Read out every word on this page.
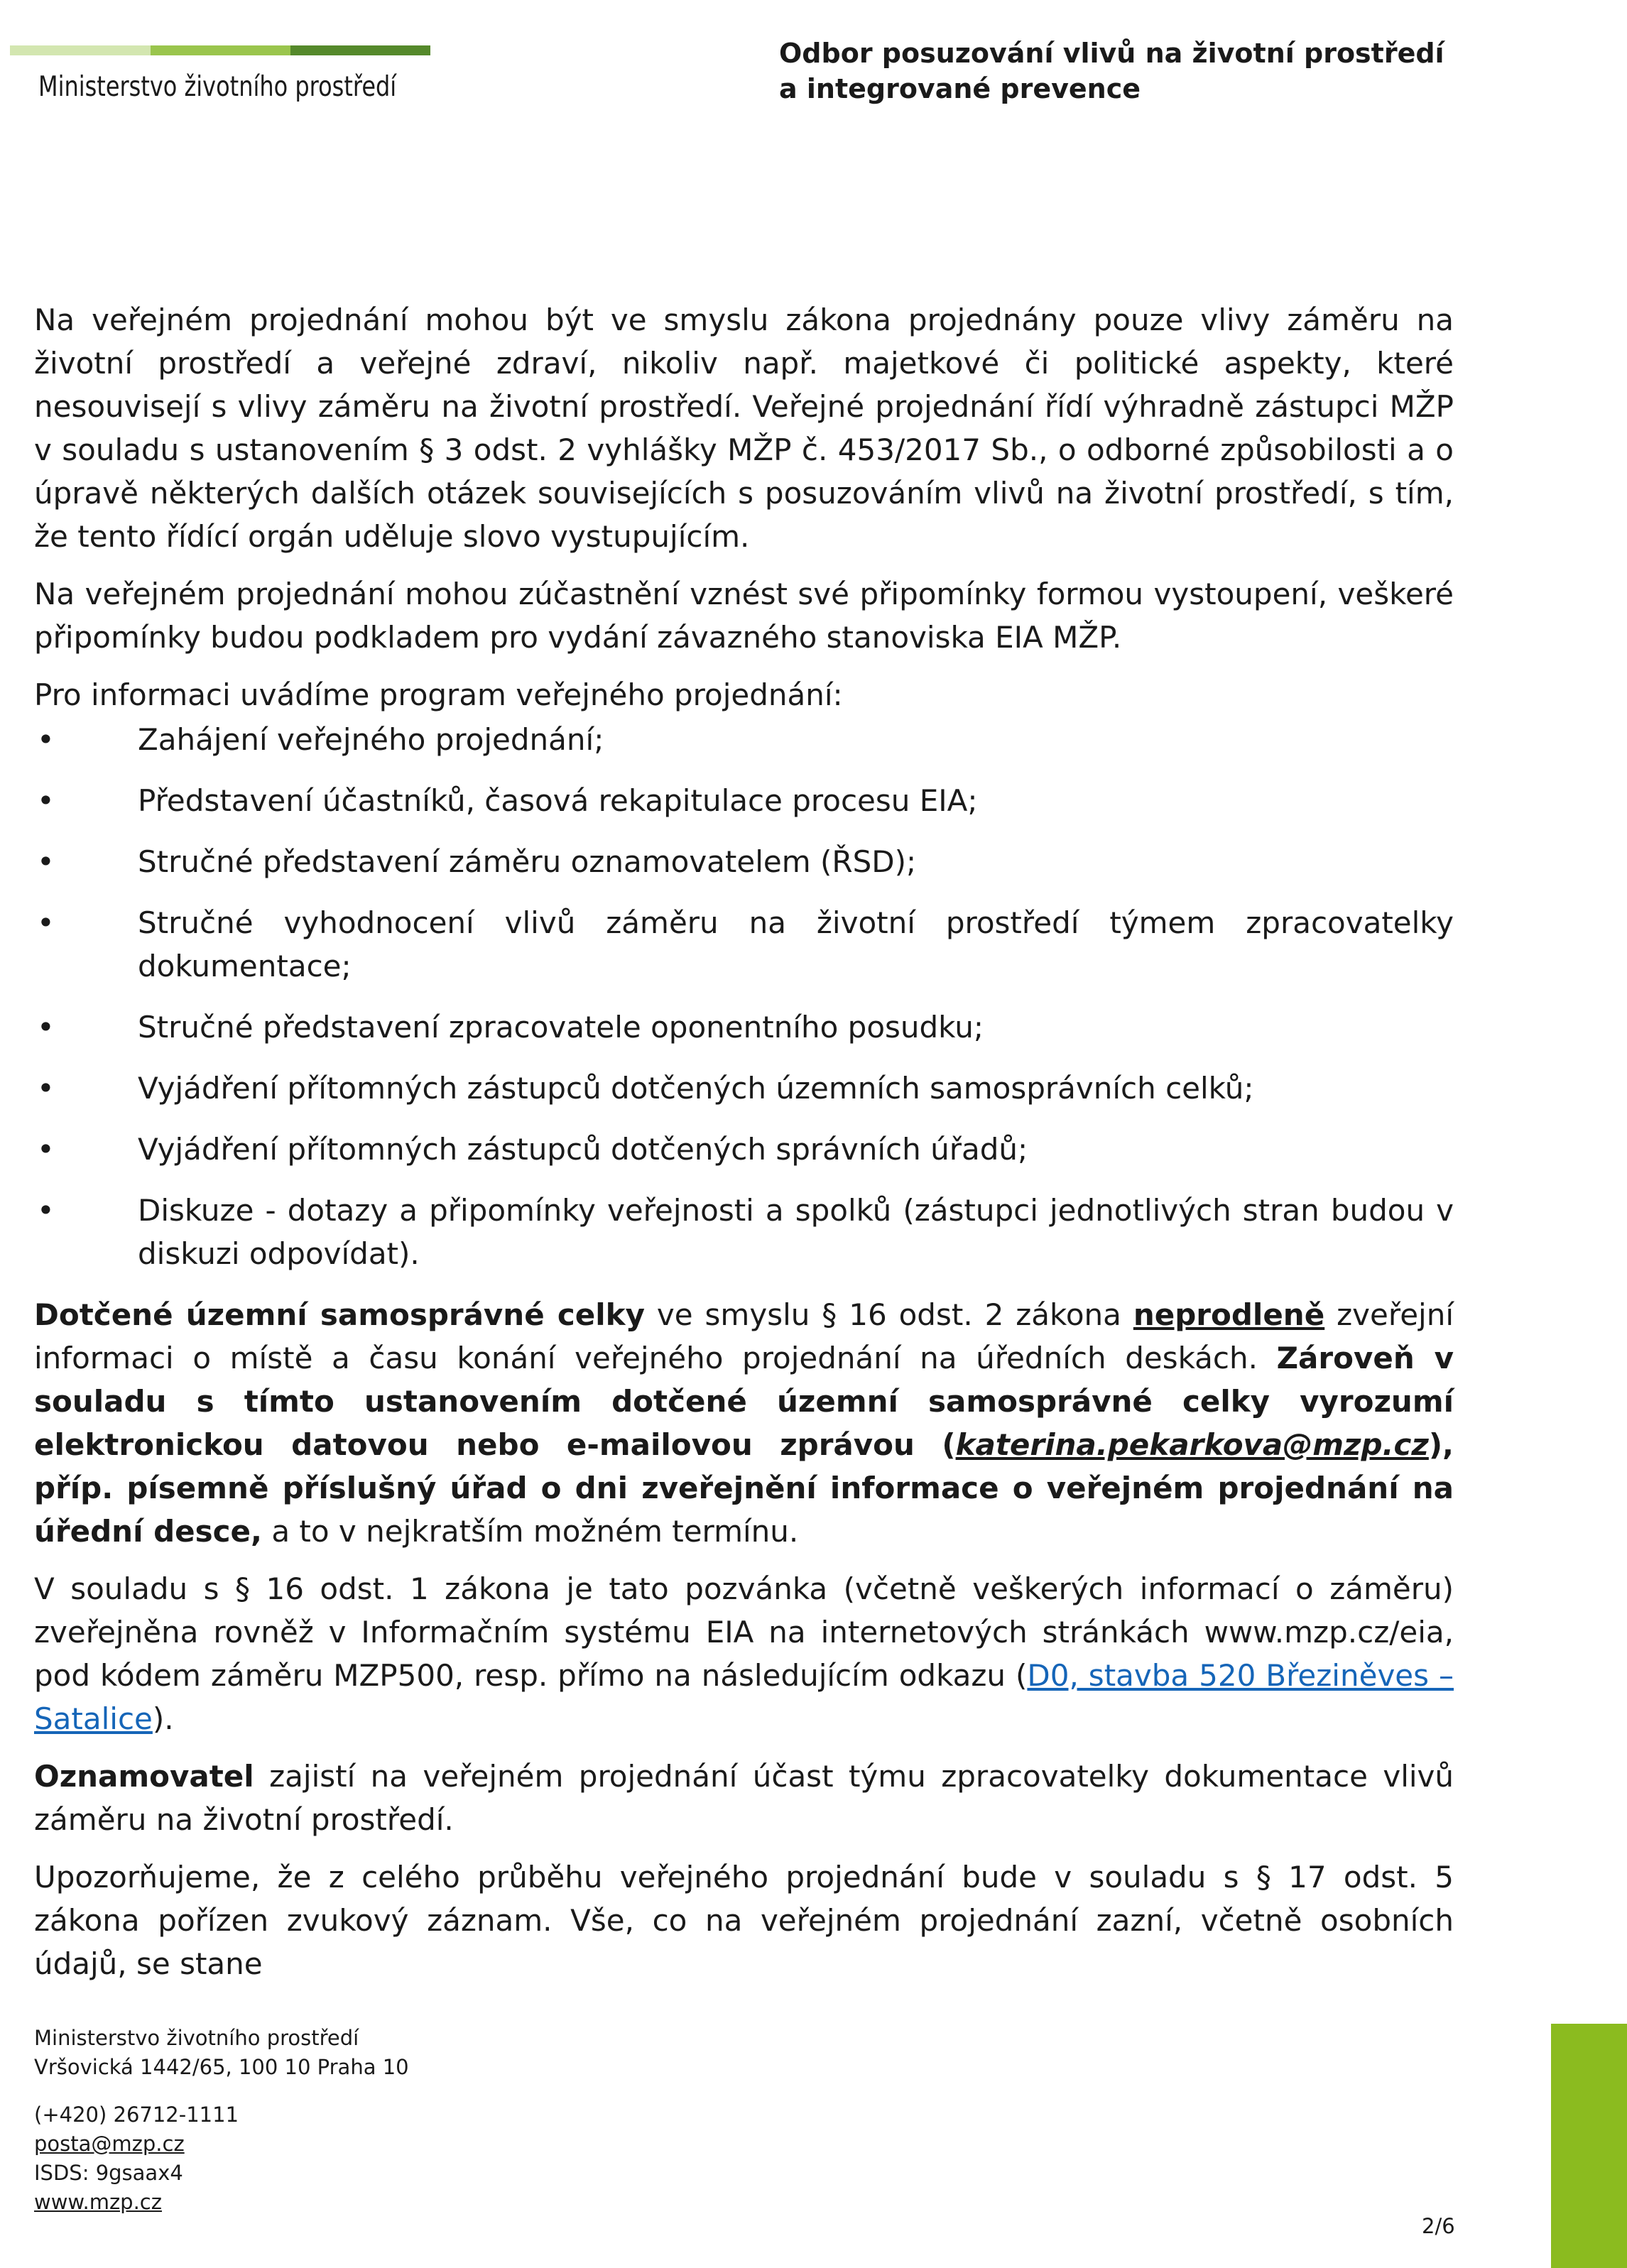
Ministerstvo životního prostředí
Odbor posuzování vlivů na životní prostředí
a integrované prevence

Na veřejném projednání mohou být ve smyslu zákona projednány pouze vlivy záměru na životní prostředí a veřejné zdraví, nikoliv např. majetkové či politické aspekty, které nesouvisejí s vlivy záměru na životní prostředí. Veřejné projednání řídí výhradně zástupci MŽP v souladu s ustanovením § 3 odst. 2 vyhlášky MŽP č. 453/2017 Sb., o odborné způsobilosti a o úpravě některých dalších otázek souvisejících s posuzováním vlivů na životní prostředí, s tím, že tento řídící orgán uděluje slovo vystupujícím.

Na veřejném projednání mohou zúčastnění vznést své připomínky formou vystoupení, veškeré připomínky budou podkladem pro vydání závazného stanoviska EIA MŽP.

Pro informaci uvádíme program veřejného projednání:

•	Zahájení veřejného projednání;
•	Představení účastníků, časová rekapitulace procesu EIA;
•	Stručné představení záměru oznamovatelem (ŘSD);
•	Stručné vyhodnocení vlivů záměru na životní prostředí týmem zpracovatelky dokumentace;
•	Stručné představení zpracovatele oponentního posudku;
•	Vyjádření přítomných zástupců dotčených územních samosprávních celků;
•	Vyjádření přítomných zástupců dotčených správních úřadů;
•	Diskuze - dotazy a připomínky veřejnosti a spolků (zástupci jednotlivých stran budou v diskuzi odpovídat).

Dotčené územní samosprávné celky ve smyslu § 16 odst. 2 zákona neprodleně zveřejní informaci o místě a času konání veřejného projednání na úředních deskách. Zároveň v souladu s tímto ustanovením dotčené územní samosprávné celky vyrozumí elektronickou datovou nebo e-mailovou zprávou (katerina.pekarkova@mzp.cz), příp. písemně příslušný úřad o dni zveřejnění informace o veřejném projednání na úřední desce, a to v nejkratším možném termínu.

V souladu s § 16 odst. 1 zákona je tato pozvánka (včetně veškerých informací o záměru) zveřejněna rovněž v Informačním systému EIA na internetových stránkách www.mzp.cz/eia, pod kódem záměru MZP500, resp. přímo na následujícím odkazu (D0, stavba 520 Březiněves – Satalice).

Oznamovatel zajistí na veřejném projednání účast týmu zpracovatelky dokumentace vlivů záměru na životní prostředí.

Upozorňujeme, že z celého průběhu veřejného projednání bude v souladu s § 17 odst. 5 zákona pořízen zvukový záznam. Vše, co na veřejném projednání zazní, včetně osobních údajů, se stane

Ministerstvo životního prostředí
Vršovická 1442/65, 100 10 Praha 10
(+420) 26712-1111
posta@mzp.cz
ISDS: 9gsaax4
www.mzp.cz
2/6
